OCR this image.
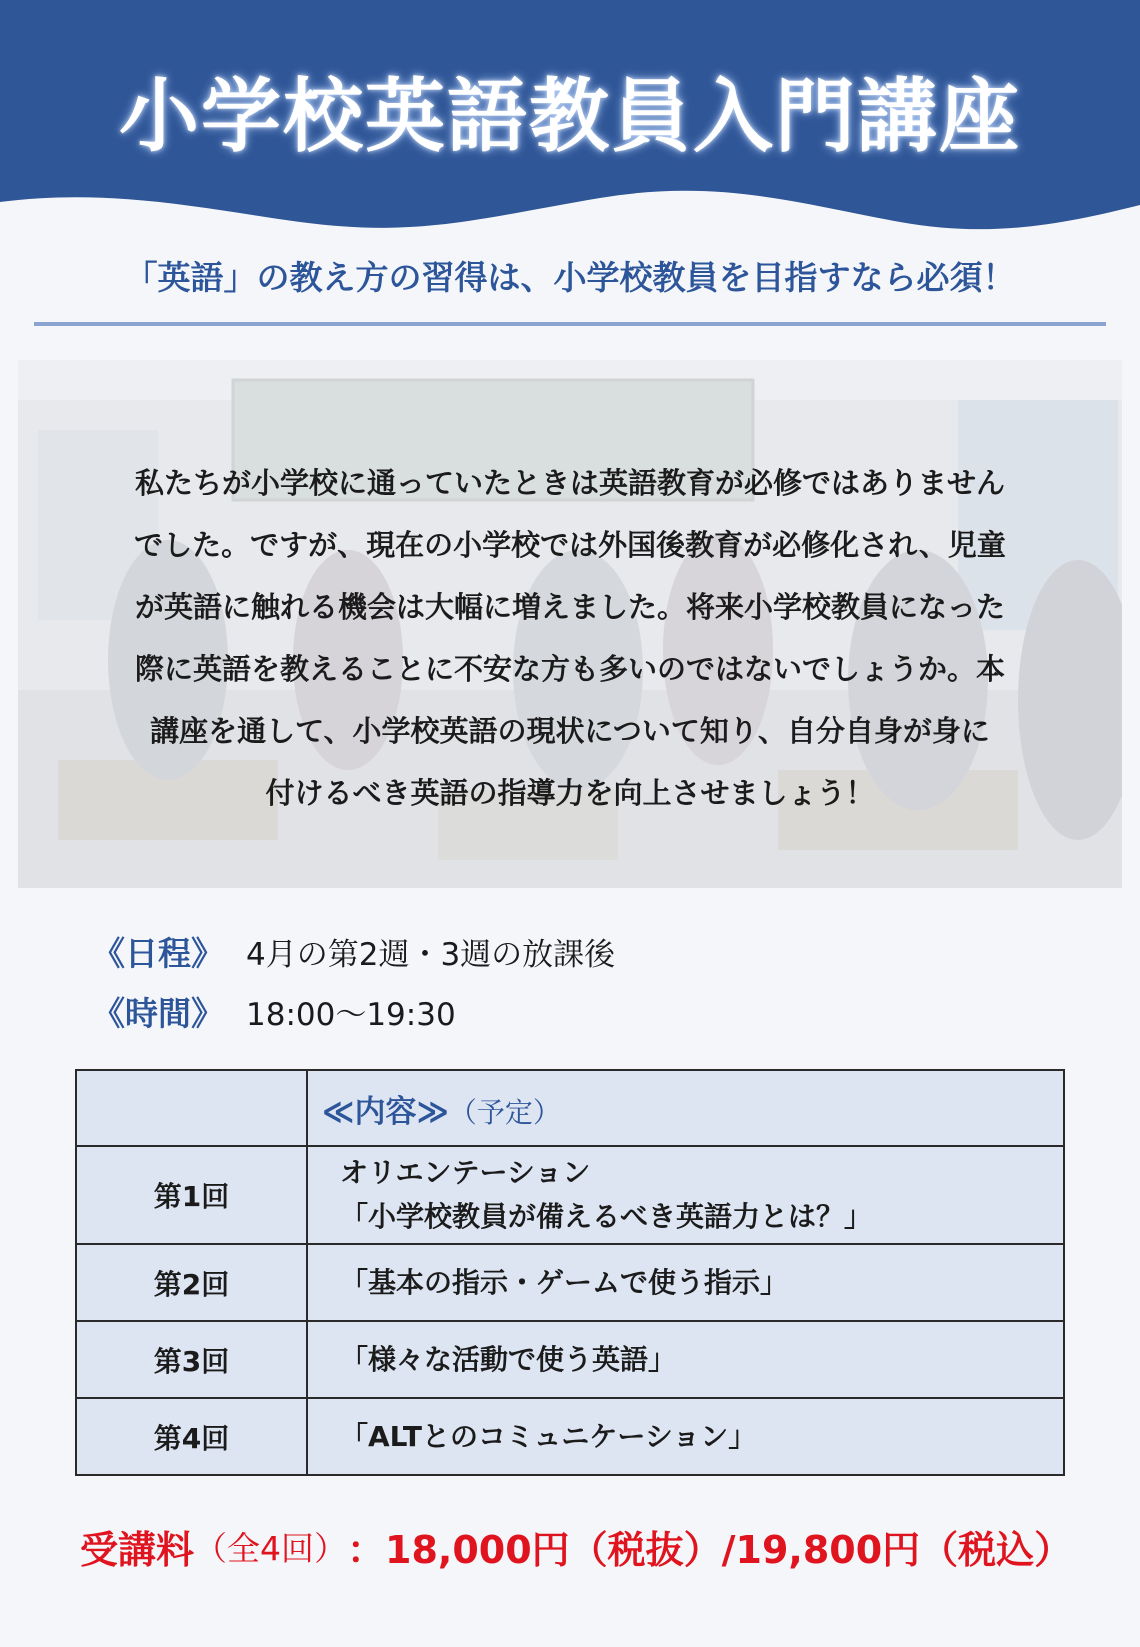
小学校英語教員入門講座
「英語」の教え方の習得は、小学校教員を目指すなら必須！
私たちが小学校に通っていたときは英語教育が必修ではありません
でした。ですが、現在の小学校では外国後教育が必修化され、児童
が英語に触れる機会は大幅に増えました。将来小学校教員になった
際に英語を教えることに不安な方も多いのではないでしょうか。本
講座を通して、小学校英語の現状について知り、自分自身が身に
付けるべき英語の指導力を向上させましょう！
《日程》 4月の第2週・3週の放課後
《時間》 18:00～19:30
	≪内容≫（予定）
第1回	オリエンテーション
「小学校教員が備えるべき英語力とは？」

第2回	「基本の指示・ゲームで使う指示」
第3回	「様々な活動で使う英語」
第4回	「ALTとのコミュニケーション」
受講料 （全4回） ：18,000円（税抜）/19,800円（税込）
